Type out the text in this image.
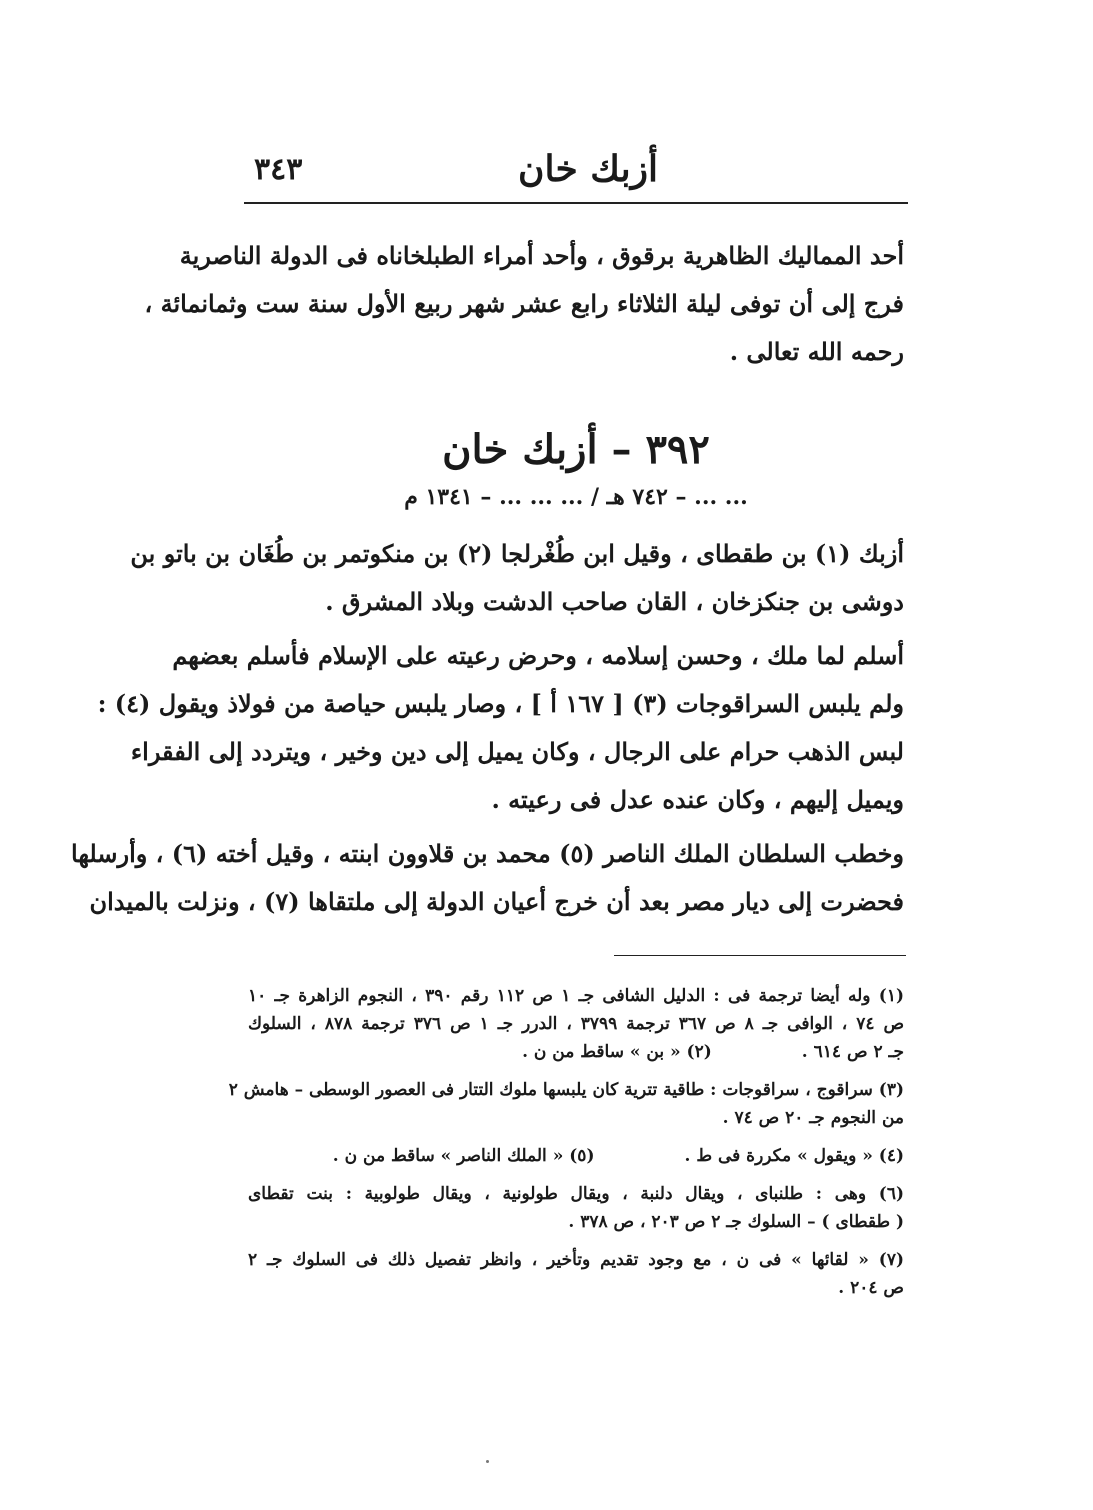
أزبك خان
٣٤٣
أحد المماليك الظاهرية برقوق ، وأحد أمراء الطبلخاناه فى الدولة الناصرية
فرج إلى أن توفى ليلة الثلاثاء رابع عشر شهر ربيع الأول سنة ست وثمانمائة ،
رحمه الله تعالى .
٣٩٢ – أزبك خان
... ... – ٧٤٢ هـ / ... ... ... – ١٣٤١ م
أزبك (١) بن طقطاى ، وقيل ابن طُغْرلجا (٢) بن منكوتمر بن طُغَان بن باتو بن
دوشى بن جنكزخان ، القان صاحب الدشت وبلاد المشرق .
أسلم لما ملك ، وحسن إسلامه ، وحرض رعيته على الإسلام فأسلم بعضهم
ولم يلبس السراقوجات (٣) [ ١٦٧ أ ] ، وصار يلبس حياصة من فولاذ ويقول (٤) :
لبس الذهب حرام على الرجال ، وكان يميل إلى دين وخير ، ويتردد إلى الفقراء
ويميل إليهم ، وكان عنده عدل فى رعيته .
وخطب السلطان الملك الناصر (٥) محمد بن قلاوون ابنته ، وقيل أخته (٦) ، وأرسلها
فحضرت إلى ديار مصر بعد أن خرج أعيان الدولة إلى ملتقاها (٧) ، ونزلت بالميدان
(١) وله أيضا ترجمة فى : الدليل الشافى جـ ١ ص ١١٢ رقم ٣٩٠ ، النجوم الزاهرة جـ ١٠
ص ٧٤ ، الوافى جـ ٨ ص ٣٦٧ ترجمة ٣٧٩٩ ، الدرر جـ ١ ص ٣٧٦ ترجمة ٨٧٨ ، السلوك
جـ ٢ ص ٦١٤ .
(٢) « بن » ساقط من ن .
(٣) سراقوج ، سراقوجات : طاقية تترية كان يلبسها ملوك التتار فى العصور الوسطى – هامش ٢
من النجوم جـ ٢٠ ص ٧٤ .
(٤) « ويقول » مكررة فى ط .
(٥) « الملك الناصر » ساقط من ن .
(٦) وهى : طلنباى ، ويقال دلنبة ، ويقال طولونية ، ويقال طولوبية : بنت تقطاى
( طقطاى ) – السلوك جـ ٢ ص ٢٠٣ ، ص ٣٧٨ .
(٧) « لقائها » فى ن ، مع وجود تقديم وتأخير ، وانظر تفصيل ذلك فى السلوك جـ ٢
ص ٢٠٤ .
